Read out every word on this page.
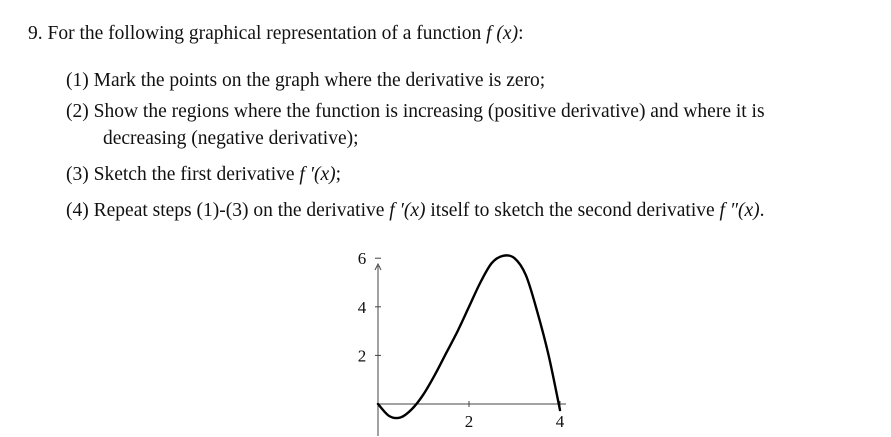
9. For the following graphical representation of a function f (x):
(1) Mark the points on the graph where the derivative is zero;
(2) Show the regions where the function is increasing (positive derivative) and where it is
decreasing (negative derivative);
(3) Sketch the first derivative f ′(x);
(4) Repeat steps (1)-(3) on the derivative f ′(x) itself to sketch the second derivative f ″(x).
2
4
6
2	4
